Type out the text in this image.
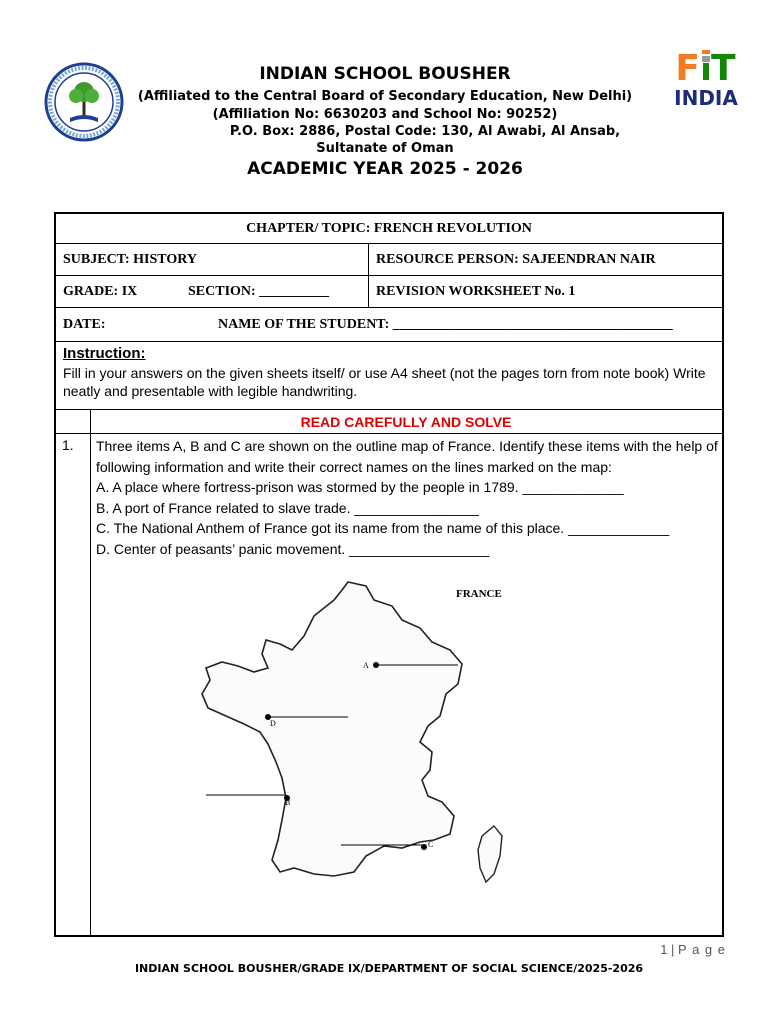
F T
INDIA
INDIAN SCHOOL BOUSHER
(Affiliated to the Central Board of Secondary Education, New Delhi)
(Affiliation No: 6630203 and School No: 90252)
P.O. Box: 2886, Postal Code: 130, Al Awabi, Al Ansab,
Sultanate of Oman
ACADEMIC YEAR 2025 - 2026
CHAPTER/ TOPIC: FRENCH REVOLUTION
SUBJECT: HISTORY	RESOURCE PERSON: SAJEENDRAN NAIR
GRADE: IX	SECTION: __________	REVISION WORKSHEET No. 1
DATE:	NAME OF THE STUDENT: ________________________________________
Instruction:
Fill in your answers on the given sheets itself/ or use A4 sheet (not the pages torn from note book) Write neatly and presentable with legible handwriting.
READ CAREFULLY AND SOLVE
1. Three items A, B and C are shown on the outline map of France. Identify these items with the help of following information and write their correct names on the lines marked on the map:

A. A place where fortress-prison was stormed by the people in 1789. _____________

B. A port of France related to slave trade. ________________

C. The National Anthem of France got its name from the name of this place. _____________

D. Center of peasants’ panic movement. __________________

FRANCE
A
D
B
C
1 | P a g e
INDIAN SCHOOL BOUSHER/GRADE IX/DEPARTMENT OF SOCIAL SCIENCE/2025-2026
